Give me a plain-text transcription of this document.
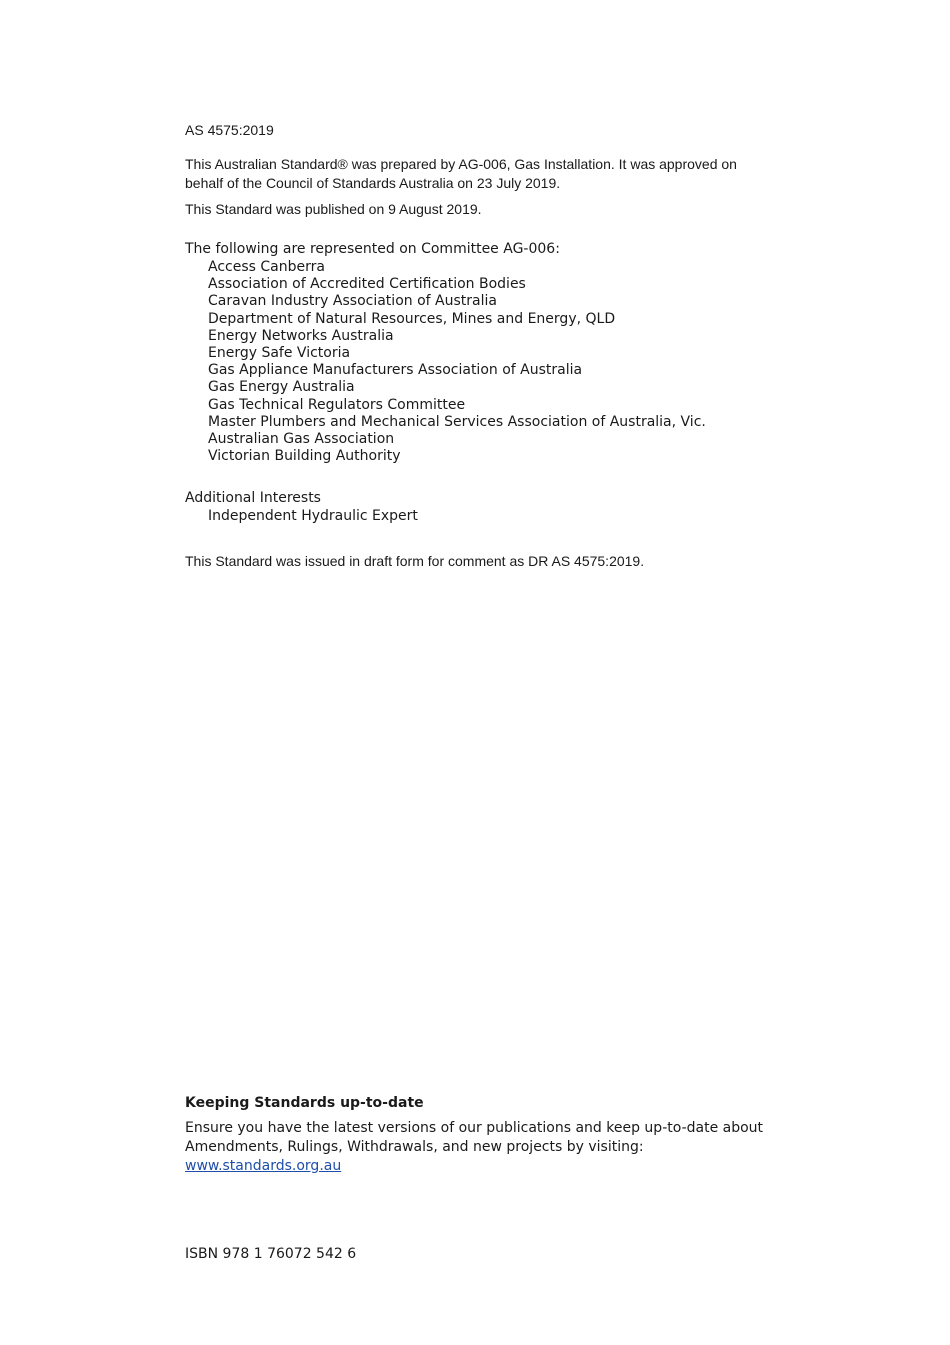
AS 4575:2019

This Australian Standard® was prepared by AG-006, Gas Installation. It was approved on
behalf of the Council of Standards Australia on 23 July 2019.

This Standard was published on 9 August 2019.

The following are represented on Committee AG-006:

Access Canberra
Association of Accredited Certification Bodies
Caravan Industry Association of Australia
Department of Natural Resources, Mines and Energy, QLD
Energy Networks Australia
Energy Safe Victoria
Gas Appliance Manufacturers Association of Australia
Gas Energy Australia
Gas Technical Regulators Committee
Master Plumbers and Mechanical Services Association of Australia, Vic.
Australian Gas Association
Victorian Building Authority

Additional Interests

Independent Hydraulic Expert

This Standard was issued in draft form for comment as DR AS 4575:2019.

Keeping Standards up-to-date

Ensure you have the latest versions of our publications and keep up-to-date about
Amendments, Rulings, Withdrawals, and new projects by visiting:
www.standards.org.au

ISBN 978 1 76072 542 6
